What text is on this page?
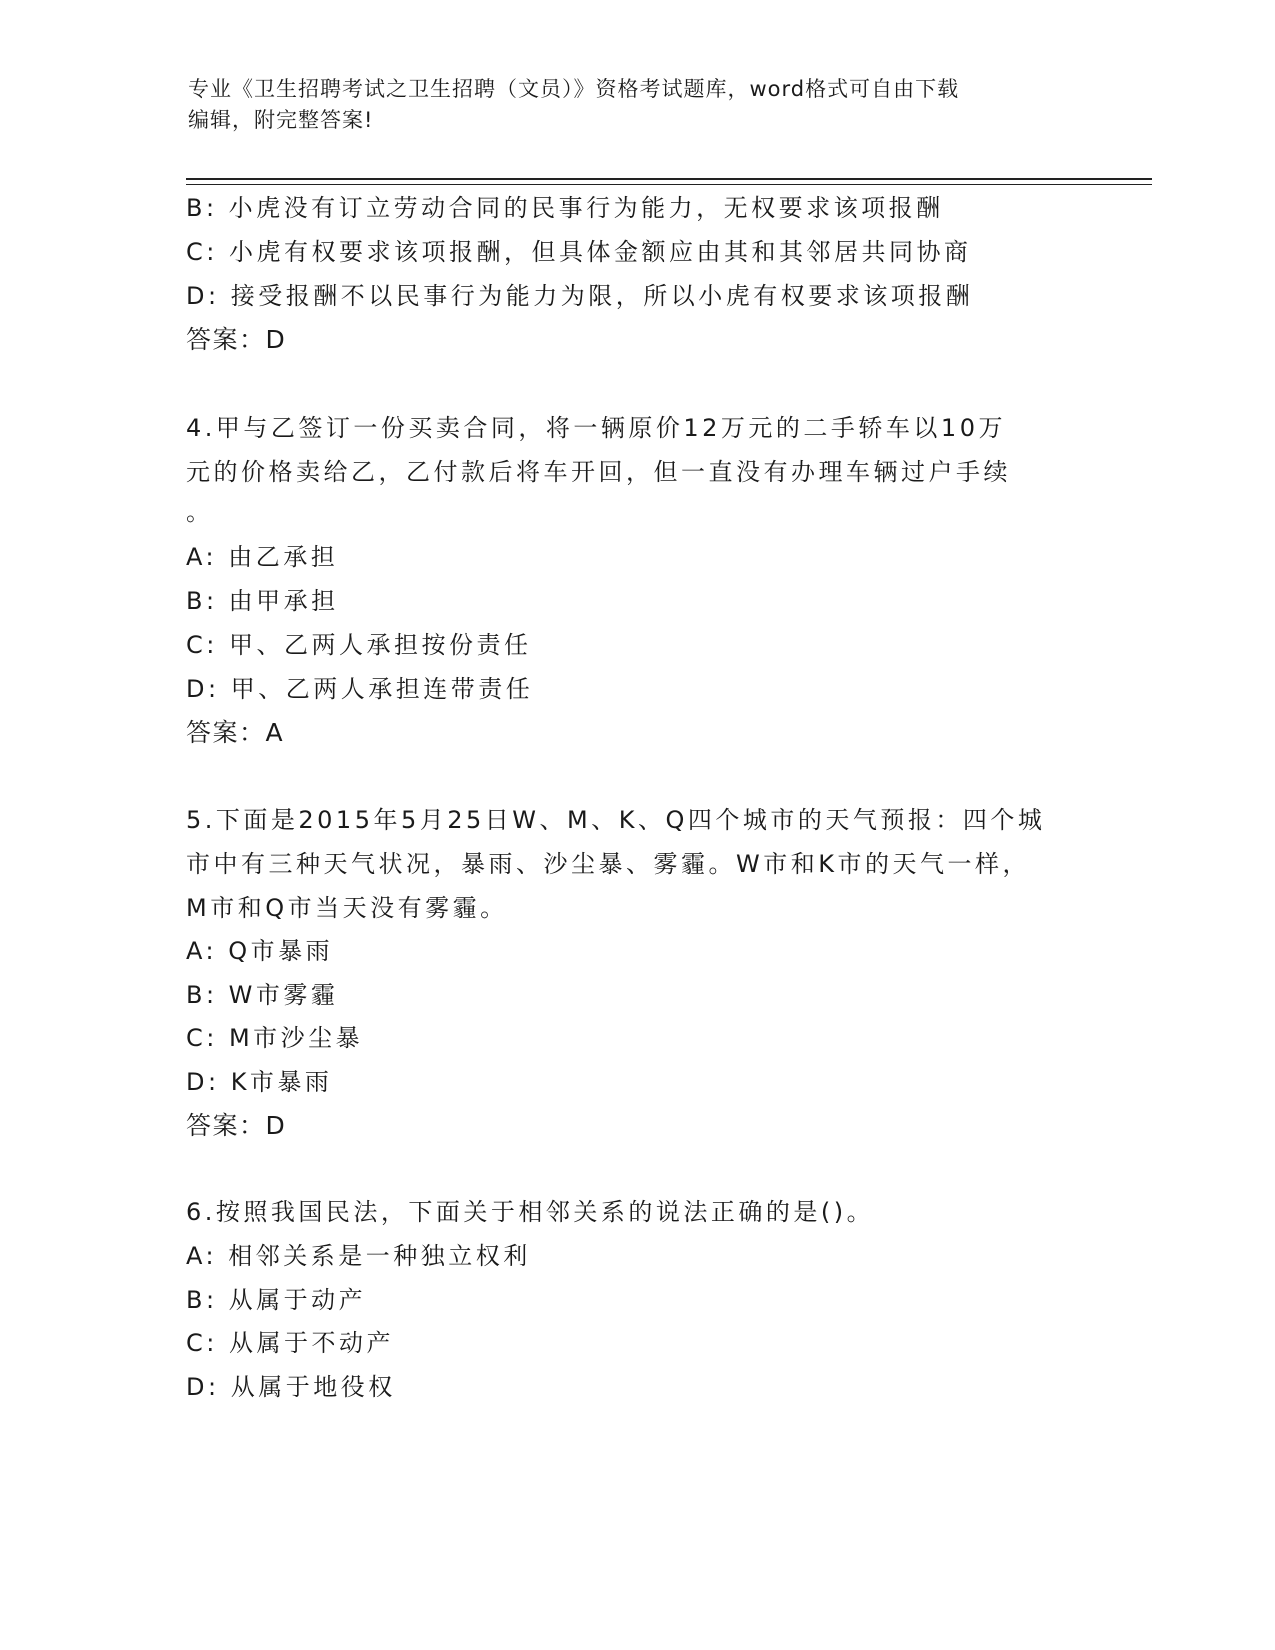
专业《卫生招聘考试之卫生招聘（文员）》资格考试题库，word格式可自由下载
编辑，附完整答案!
B: 小虎没有订立劳动合同的民事行为能力，无权要求该项报酬
C: 小虎有权要求该项报酬，但具体金额应由其和其邻居共同协商
D: 接受报酬不以民事行为能力为限，所以小虎有权要求该项报酬
答案：D
4.甲与乙签订一份买卖合同，将一辆原价12万元的二手轿车以10万
元的价格卖给乙，乙付款后将车开回，但一直没有办理车辆过户手续
。
A: 由乙承担
B: 由甲承担
C: 甲、乙两人承担按份责任
D: 甲、乙两人承担连带责任
答案：A
5.下面是2015年5月25日W、M、K、Q四个城市的天气预报：四个城
市中有三种天气状况，暴雨、沙尘暴、雾霾。W市和K市的天气一样，
M市和Q市当天没有雾霾。
A: Q市暴雨
B: W市雾霾
C: M市沙尘暴
D: K市暴雨
答案：D
6.按照我国民法，下面关于相邻关系的说法正确的是()。
A: 相邻关系是一种独立权利
B: 从属于动产
C: 从属于不动产
D: 从属于地役权
